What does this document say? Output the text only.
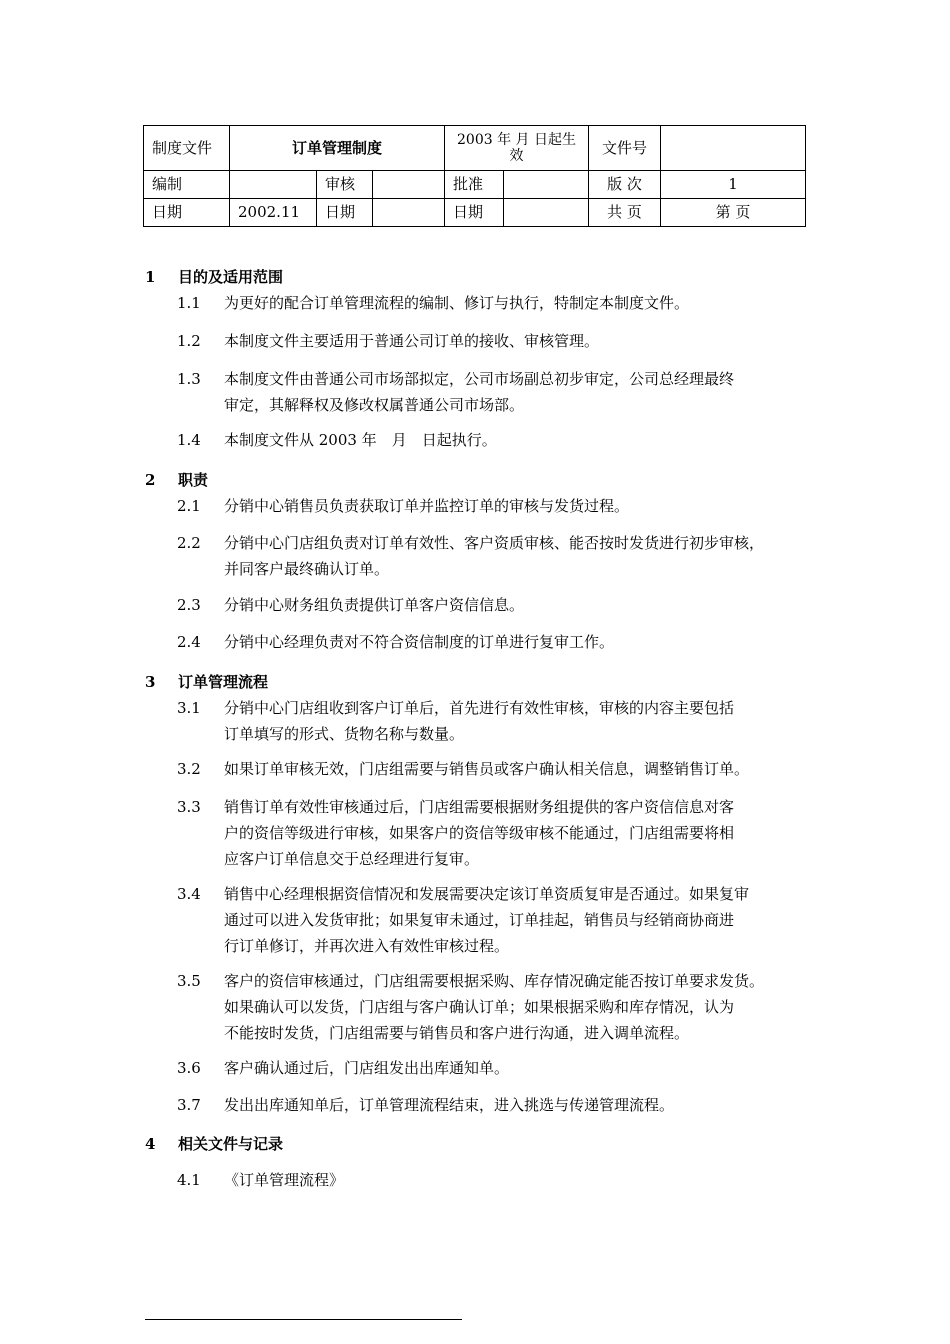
制度文件	订单管理制度			2003 年 月 日起生效		文件号	
编制		审核		批准		版 次	1
日期	2002.11	日期		日期		共 页	第 页
1 目的及适用范围
1.1 为更好的配合订单管理流程的编制、修订与执行，特制定本制度文件。
1.2 本制度文件主要适用于普通公司订单的接收、审核管理。
1.3 本制度文件由普通公司市场部拟定，公司市场副总初步审定，公司总经理最终
审定，其解释权及修改权属普通公司市场部。
1.4 本制度文件从 2003 年　月　日起执行。
2 职责
2.1 分销中心销售员负责获取订单并监控订单的审核与发货过程。
2.2 分销中心门店组负责对订单有效性、客户资质审核、能否按时发货进行初步审核，
并同客户最终确认订单。
2.3 分销中心财务组负责提供订单客户资信信息。
2.4 分销中心经理负责对不符合资信制度的订单进行复审工作。
3 订单管理流程
3.1 分销中心门店组收到客户订单后，首先进行有效性审核，审核的内容主要包括
订单填写的形式、货物名称与数量。
3.2 如果订单审核无效，门店组需要与销售员或客户确认相关信息，调整销售订单。
3.3 销售订单有效性审核通过后，门店组需要根据财务组提供的客户资信信息对客
户的资信等级进行审核，如果客户的资信等级审核不能通过，门店组需要将相
应客户订单信息交于总经理进行复审。
3.4 销售中心经理根据资信情况和发展需要决定该订单资质复审是否通过。如果复审
通过可以进入发货审批；如果复审未通过，订单挂起，销售员与经销商协商进
行订单修订，并再次进入有效性审核过程。
3.5 客户的资信审核通过，门店组需要根据采购、库存情况确定能否按订单要求发货。
如果确认可以发货，门店组与客户确认订单；如果根据采购和库存情况，认为
不能按时发货，门店组需要与销售员和客户进行沟通，进入调单流程。
3.6 客户确认通过后，门店组发出出库通知单。
3.7 发出出库通知单后，订单管理流程结束，进入挑选与传递管理流程。
4 相关文件与记录
4.1 《订单管理流程》
